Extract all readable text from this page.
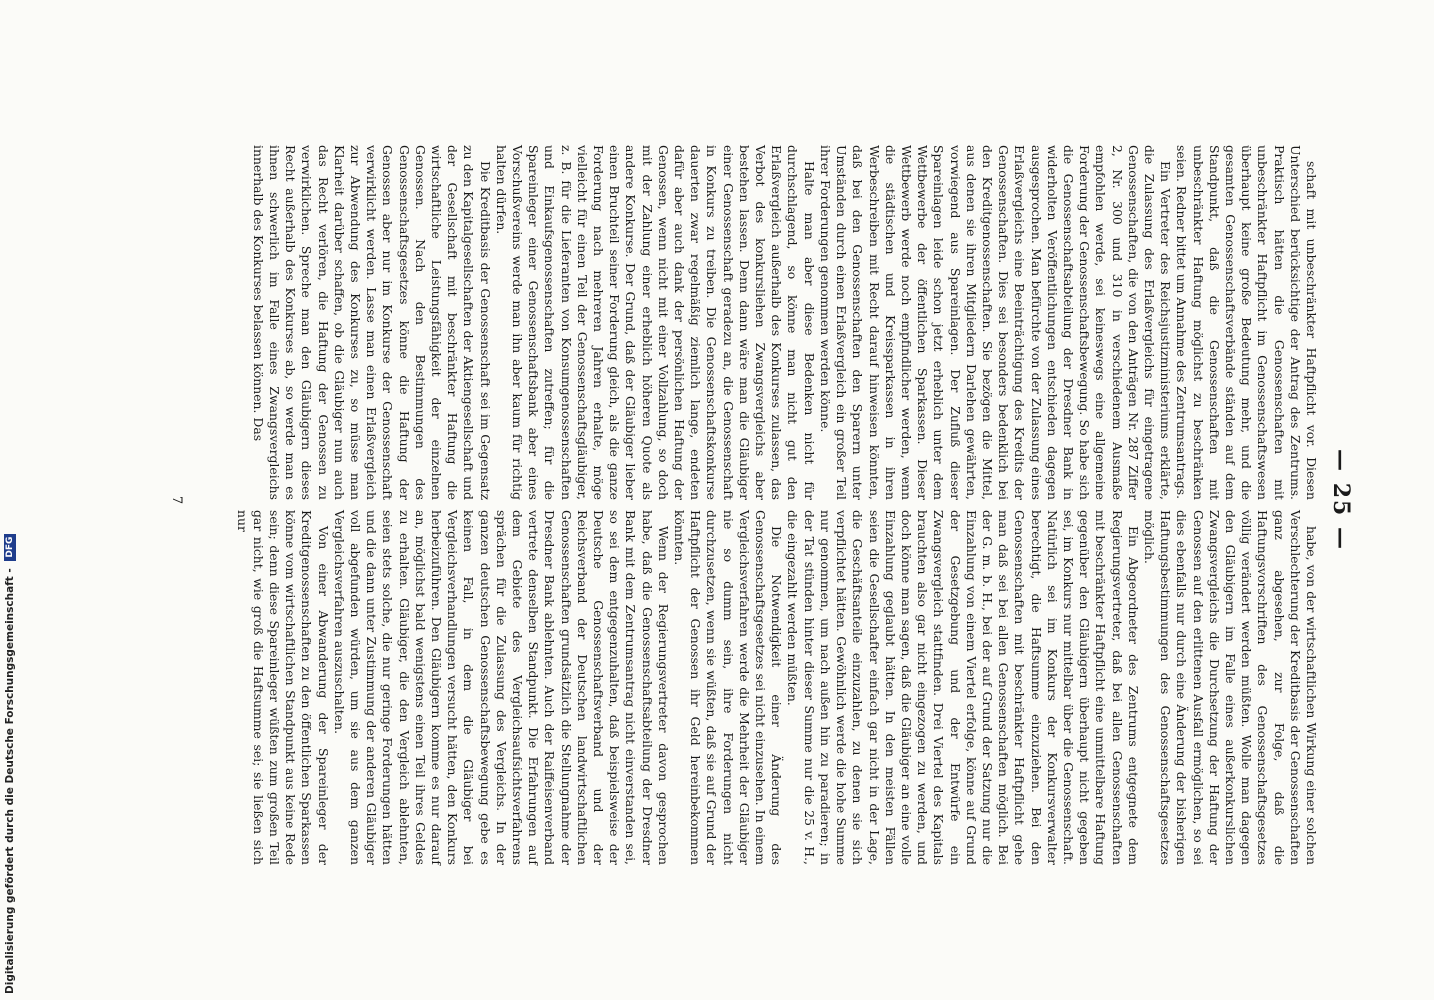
— 25 —

schaft mit unbeschränkter Haftpflicht vor. Diesen Unterschied berücksichtige der Antrag des Zentrums. Praktisch hätten die Genossenschaften mit unbeschränkter Haftpflicht im Genossenschaftswesen überhaupt keine große Bedeutung mehr, und die gesamten Genossenschaftsverbände ständen auf dem Standpunkt, daß die Genossenschaften mit unbeschränkter Haftung möglichst zu beschränken seien. Redner bittet um Annahme des Zentrumsantrags.

Ein Vertreter des Reichsjustizministeriums erklärte, die Zulassung des Erlaßvergleichs für eingetragene Genossenschaften, die von den Anträgen Nr. 287 Ziffer 2, Nr. 300 und 310 in verschiedenem Ausmaße empfohlen werde, sei keineswegs eine allgemeine Forderung der Genossenschaftsbewegung. So habe sich die Genossenschaftsabteilung der Dresdner Bank in widerholten Veröffentlichungen entschieden dagegen ausgesprochen. Man befürchte von der Zulassung eines Erlaßvergleichs eine Beeinträchtigung des Kredits der Genossenschaften. Dies sei besonders bedenklich bei den Kreditgenossenschaften. Sie bezögen die Mittel, aus denen sie ihren Mitgliedern Darlehen gewährten, vorwiegend aus Spareinlagen. Der Zufluß dieser Spareinlagen leide schon jetzt erheblich unter dem Wettbewerbe der öffentlichen Sparkassen. Dieser Wettbewerb werde noch empfindlicher werden, wenn die städtischen und Kreissparkassen in ihren Werbeschreiben mit Recht darauf hinweisen könnten, daß bei den Genossenschaften den Sparern unter Umständen durch einen Erlaßvergleich ein großer Teil ihrer Forderungen genommen werden könne.

Halte man aber diese Bedenken nicht für durchschlagend, so könne man nicht gut den Erlaßvergleich außerhalb des Konkurses zulassen, das Verbot des konkursliehen Zwangsvergleichs aber bestehen lassen. Denn dann wäre man die Gläubiger einer Genossenschaft geradezu an, die Genossenschaft in Konkurs zu treiben. Die Genossenschaftskonkurse dauerten zwar regelmäßig ziemlich lange, endeten dafür aber auch dank der persönlichen Haftung der Genossen, wenn nicht mit einer Vollzahlung, so doch mit der Zahlung einer erheblich höheren Quote als andere Konkurse. Der Grund, daß der Gläubiger lieber einen Bruchteil seiner Forderung gleich, als die ganze Forderung nach mehreren Jahren erhalte, möge vielleicht für einen Teil der Genossenschaftsgläubiger, z. B. für die Lieferanten von Konsumgenossenschaften und Einkaufsgenossenschaften zutreffen; für die Spareinleger einer Genossenschaftsbank aber eines Vorschußvereins werde man ihn aber kaum für richtig halten dürfen.

Die Kreditbasis der Genossenschaft sei im Gegensatz zu den Kapitalgesellschaften der Aktiengesellschaft und der Gesellschaft mit beschränkter Haftung die wirtschaftliche Leistungsfähigkeit der einzelnen Genossen. Nach den Bestimmungen des Genossenschaftsgesetzes könne die Haftung der Genossen aber nur im Konkurse der Genossenschaft verwirklicht werden. Lasse man einen Erlaßvergleich zur Abwendung des Konkurses zu, so müsse man Klarheit darüber schaffen, ob die Gläubiger nun auch das Recht verlören, die Haftung der Genossen zu verwirklichen. Spreche man den Gläubigern dieses Recht außerhalb des Konkurses ab, so werde man es ihnen schwerlich im Falle eines Zwangsvergleichs innerhalb des Konkurses belassen können. Das

habe, von der wirtschaftlichen Wirkung einer solchen Verschlechterung der Kreditbasis der Genossenschaften ganz abgesehen, zur Folge, daß die Haftungsvorschriften des Genossenschaftsgesetzes völlig verändert werden müßten. Wolle man dagegen den Gläubigern im Falle eines außerkonkurslichen Zwangsvergleichs die Durchsetzung der Haftung der Genossen auf den erlittenen Ausfall ermöglichen, so sei dies ebenfalls nur durch eine Änderung der bisherigen Haftungsbestimmungen des Genossenschaftsgesetzes möglich.

Ein Abgeordneter des Zentrums entgegnete dem Regierungsvertreter, daß bei allen Genossenschaften mit beschränkter Haftpflicht eine unmittelbare Haftung gegenüber den Gläubigern überhaupt nicht gegeben sei, im Konkurs nur mittelbar über die Genossenschaft. Natürlich sei im Konkurs der Konkursverwalter berechtigt, die Haftsumme einzuziehen. Bei den Genossenschaften mit beschränkter Haftpflicht gehe man daß sei bei allen Genossenschaften möglich. Bei der G. m. b. H., bei der auf Grund der Satzung nur die Einzahlung von einem Viertel erfolge, könne auf Grund der Gesetzgebung und der Entwürfe ein Zwangsvergleich stattfinden. Drei Viertel des Kapitals brauchten also gar nicht eingezogen zu werden, und doch könne man sagen, daß die Gläubiger an eine volle Einzahlung geglaubt hätten. In den meisten Fällen seien die Gesellschafter einfach gar nicht in der Lage, die Geschäftsanteile einzuzahlen, zu denen sie sich verpflichtet hätten. Gewöhnlich werde die hohe Summe nur genommen, um nach außen hin zu paradieren; in der Tat stünden hinter dieser Summe nur die 25 v. H., die eingezahlt werden müßten.

Die Notwendigkeit einer Änderung des Genossenschaftsgesetzes sei nicht einzusehen. In einem Vergleichsverfahren werde die Mehrheit der Gläubiger nie so dumm sein, ihre Forderungen nicht durchzusetzen, wenn sie wüßten, daß sie auf Grund der Haftpflicht der Genossen ihr Geld hereinbekommen könnten.

Wenn der Regierungsvertreter davon gesprochen habe, daß die Genossenschaftsabteilung der Dresdner Bank mit dem Zentrumsantrag nicht einverstanden sei, so sei dem entgegenzuhalten, daß beispielsweise der Deutsche Genossenschaftsverband und der Reichsverband der Deutschen landwirtschaftlichen Genossenschaften grundsätzlich die Stellungnahme der Dresdner Bank ablehnten. Auch der Raiffeisenverband vertrete denselben Standpunkt. Die Erfahrungen auf dem Gebiete des Vergleichsaufsichtsverfahrens sprächen für die Zulassung des Vergleichs. In der ganzen deutschen Genossenschaftsbewegung gebe es keinen Fall, in dem die Gläubiger bei Vergleichsverhandlungen versucht hätten, den Konkurs herbeizuführen. Den Gläubigern komme es nur darauf an, möglichst bald wenigstens einen Teil ihres Geldes zu erhalten. Gläubiger, die den Vergleich ablehnten, seien stets solche, die nur geringe Forderungen hätten und die dann unter Zustimmung der anderen Gläubiger voll abgefunden würden, um sie aus dem ganzen Vergleichsverfahren auszuschalten.

Von einer Abwanderung der Spareinleger der Kreditgenossenschaften zu den öffentlichen Sparkassen könne vom wirtschaftlichen Standpunkt aus keine Rede sein; denn diese Spareinleger wüßten zum großen Teil gar nicht, wie groß die Haftsumme sei; sie ließen sich nur

7
Digitalisierung gefördert durch die Deutsche Forschungsgemeinschaft - DFG
